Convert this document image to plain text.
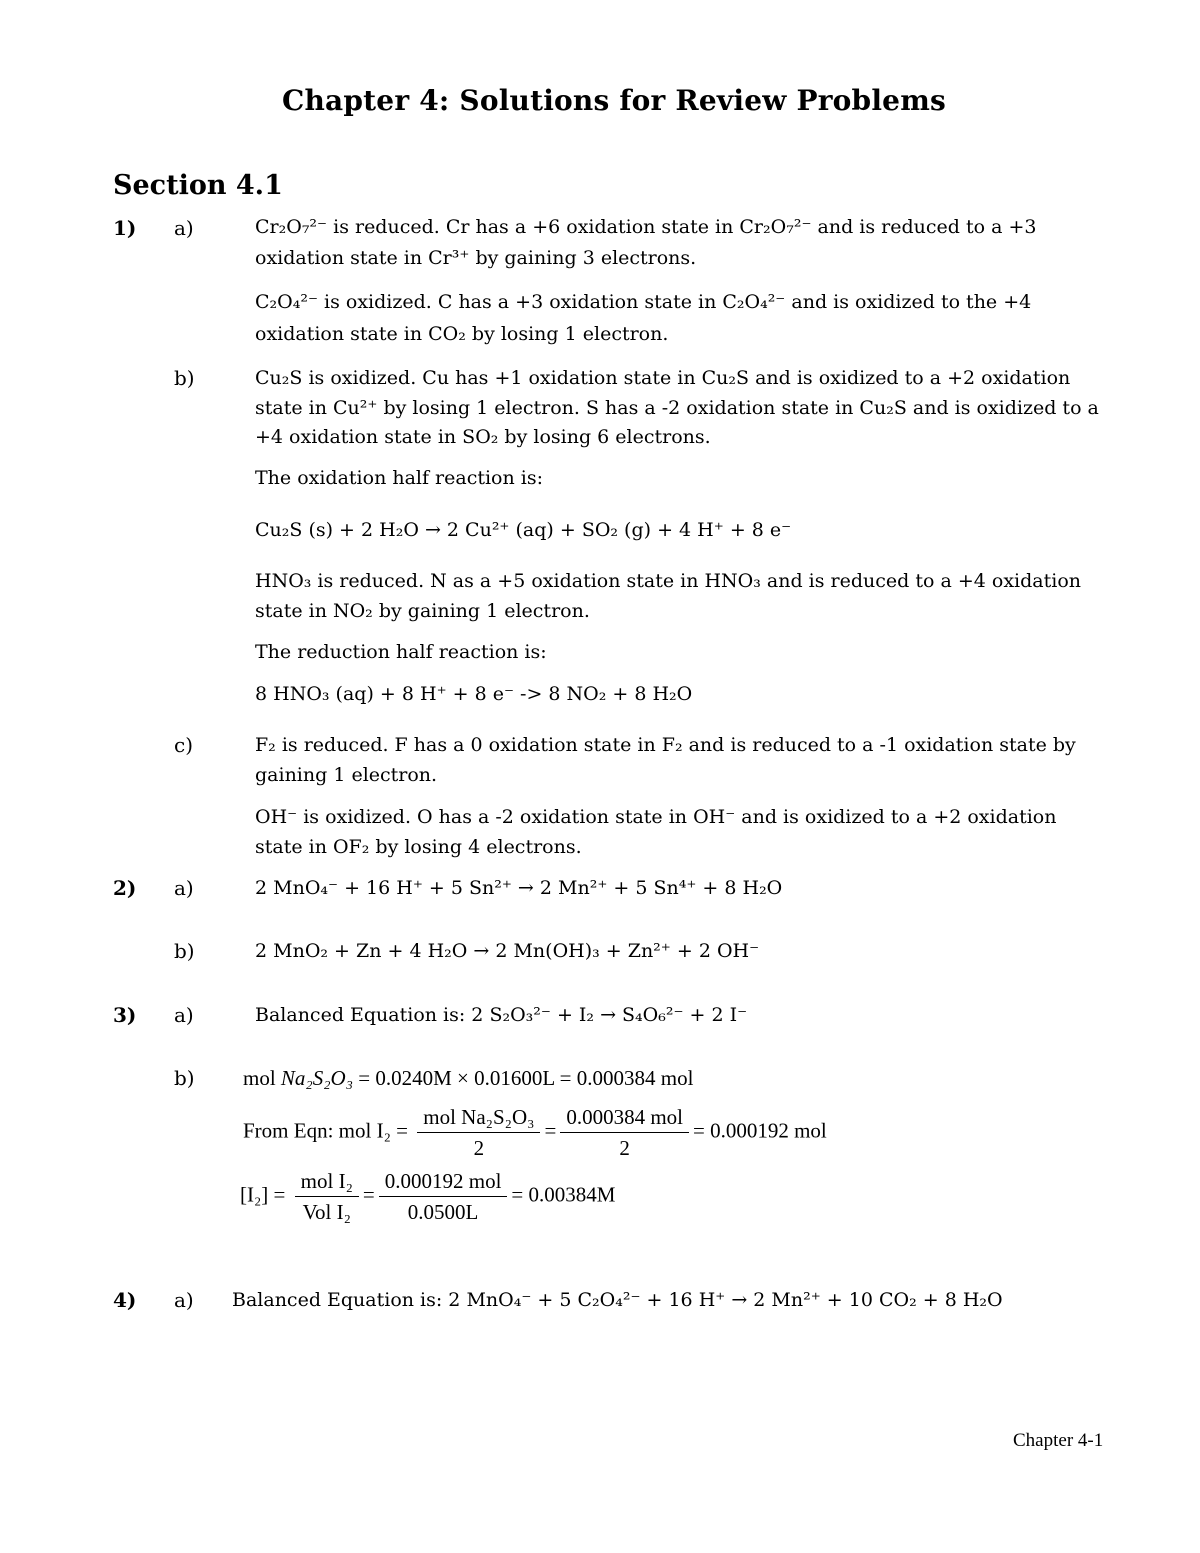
Chapter 4: Solutions for Review Problems
Section 4.1
1) a)	Cr₂O₇²⁻ is reduced. Cr has a +6 oxidation state in Cr₂O₇²⁻ and is reduced to a +3
oxidation state in Cr³⁺ by gaining 3 electrons.
C₂O₄²⁻ is oxidized. C has a +3 oxidation state in C₂O₄²⁻ and is oxidized to the +4
oxidation state in CO₂ by losing 1 electron.
b)	Cu₂S is oxidized. Cu has +1 oxidation state in Cu₂S and is oxidized to a +2 oxidation
state in Cu²⁺ by losing 1 electron. S has a -2 oxidation state in Cu₂S and is oxidized to a
+4 oxidation state in SO₂ by losing 6 electrons.
The oxidation half reaction is:
Cu₂S (s) + 2 H₂O → 2 Cu²⁺ (aq) + SO₂ (g) + 4 H⁺ + 8 e⁻
HNO₃ is reduced. N as a +5 oxidation state in HNO₃ and is reduced to a +4 oxidation
state in NO₂ by gaining 1 electron.
The reduction half reaction is:
8 HNO₃ (aq) + 8 H⁺ + 8 e⁻ -> 8 NO₂ + 8 H₂O
c)	F₂ is reduced. F has a 0 oxidation state in F₂ and is reduced to a -1 oxidation state by
gaining 1 electron.
OH⁻ is oxidized. O has a -2 oxidation state in OH⁻ and is oxidized to a +2 oxidation
state in OF₂ by losing 4 electrons.
2) a)	2 MnO₄⁻ + 16 H⁺ + 5 Sn²⁺ → 2 Mn²⁺ + 5 Sn⁴⁺ + 8 H₂O
b)	2 MnO₂ + Zn + 4 H₂O → 2 Mn(OH)₃ + Zn²⁺ + 2 OH⁻
3) a)	Balanced Equation is: 2 S₂O₃²⁻ + I₂ → S₄O₆²⁻ + 2 I⁻
b) mol Na₂S₂O₃ = 0.0240M × 0.01600L = 0.000384 mol
From Eqn: mol $I_2 = \frac{\text{mol Na₂S₂O₃}}{2} = \frac{\text{0.000384 mol}}{2} = 0.000192$ mol
$[I_2] = \frac{\text{mol I₂}}{\text{Vol I₂}} = \frac{\text{0.000192 mol}}{0.0500L} = 0.00384M$
4) a) Balanced Equation is: 2 MnO₄⁻ + 5 C₂O₄²⁻ + 16 H⁺ → 2 Mn²⁺ + 10 CO₂ + 8 H₂O
Chapter 4-1
